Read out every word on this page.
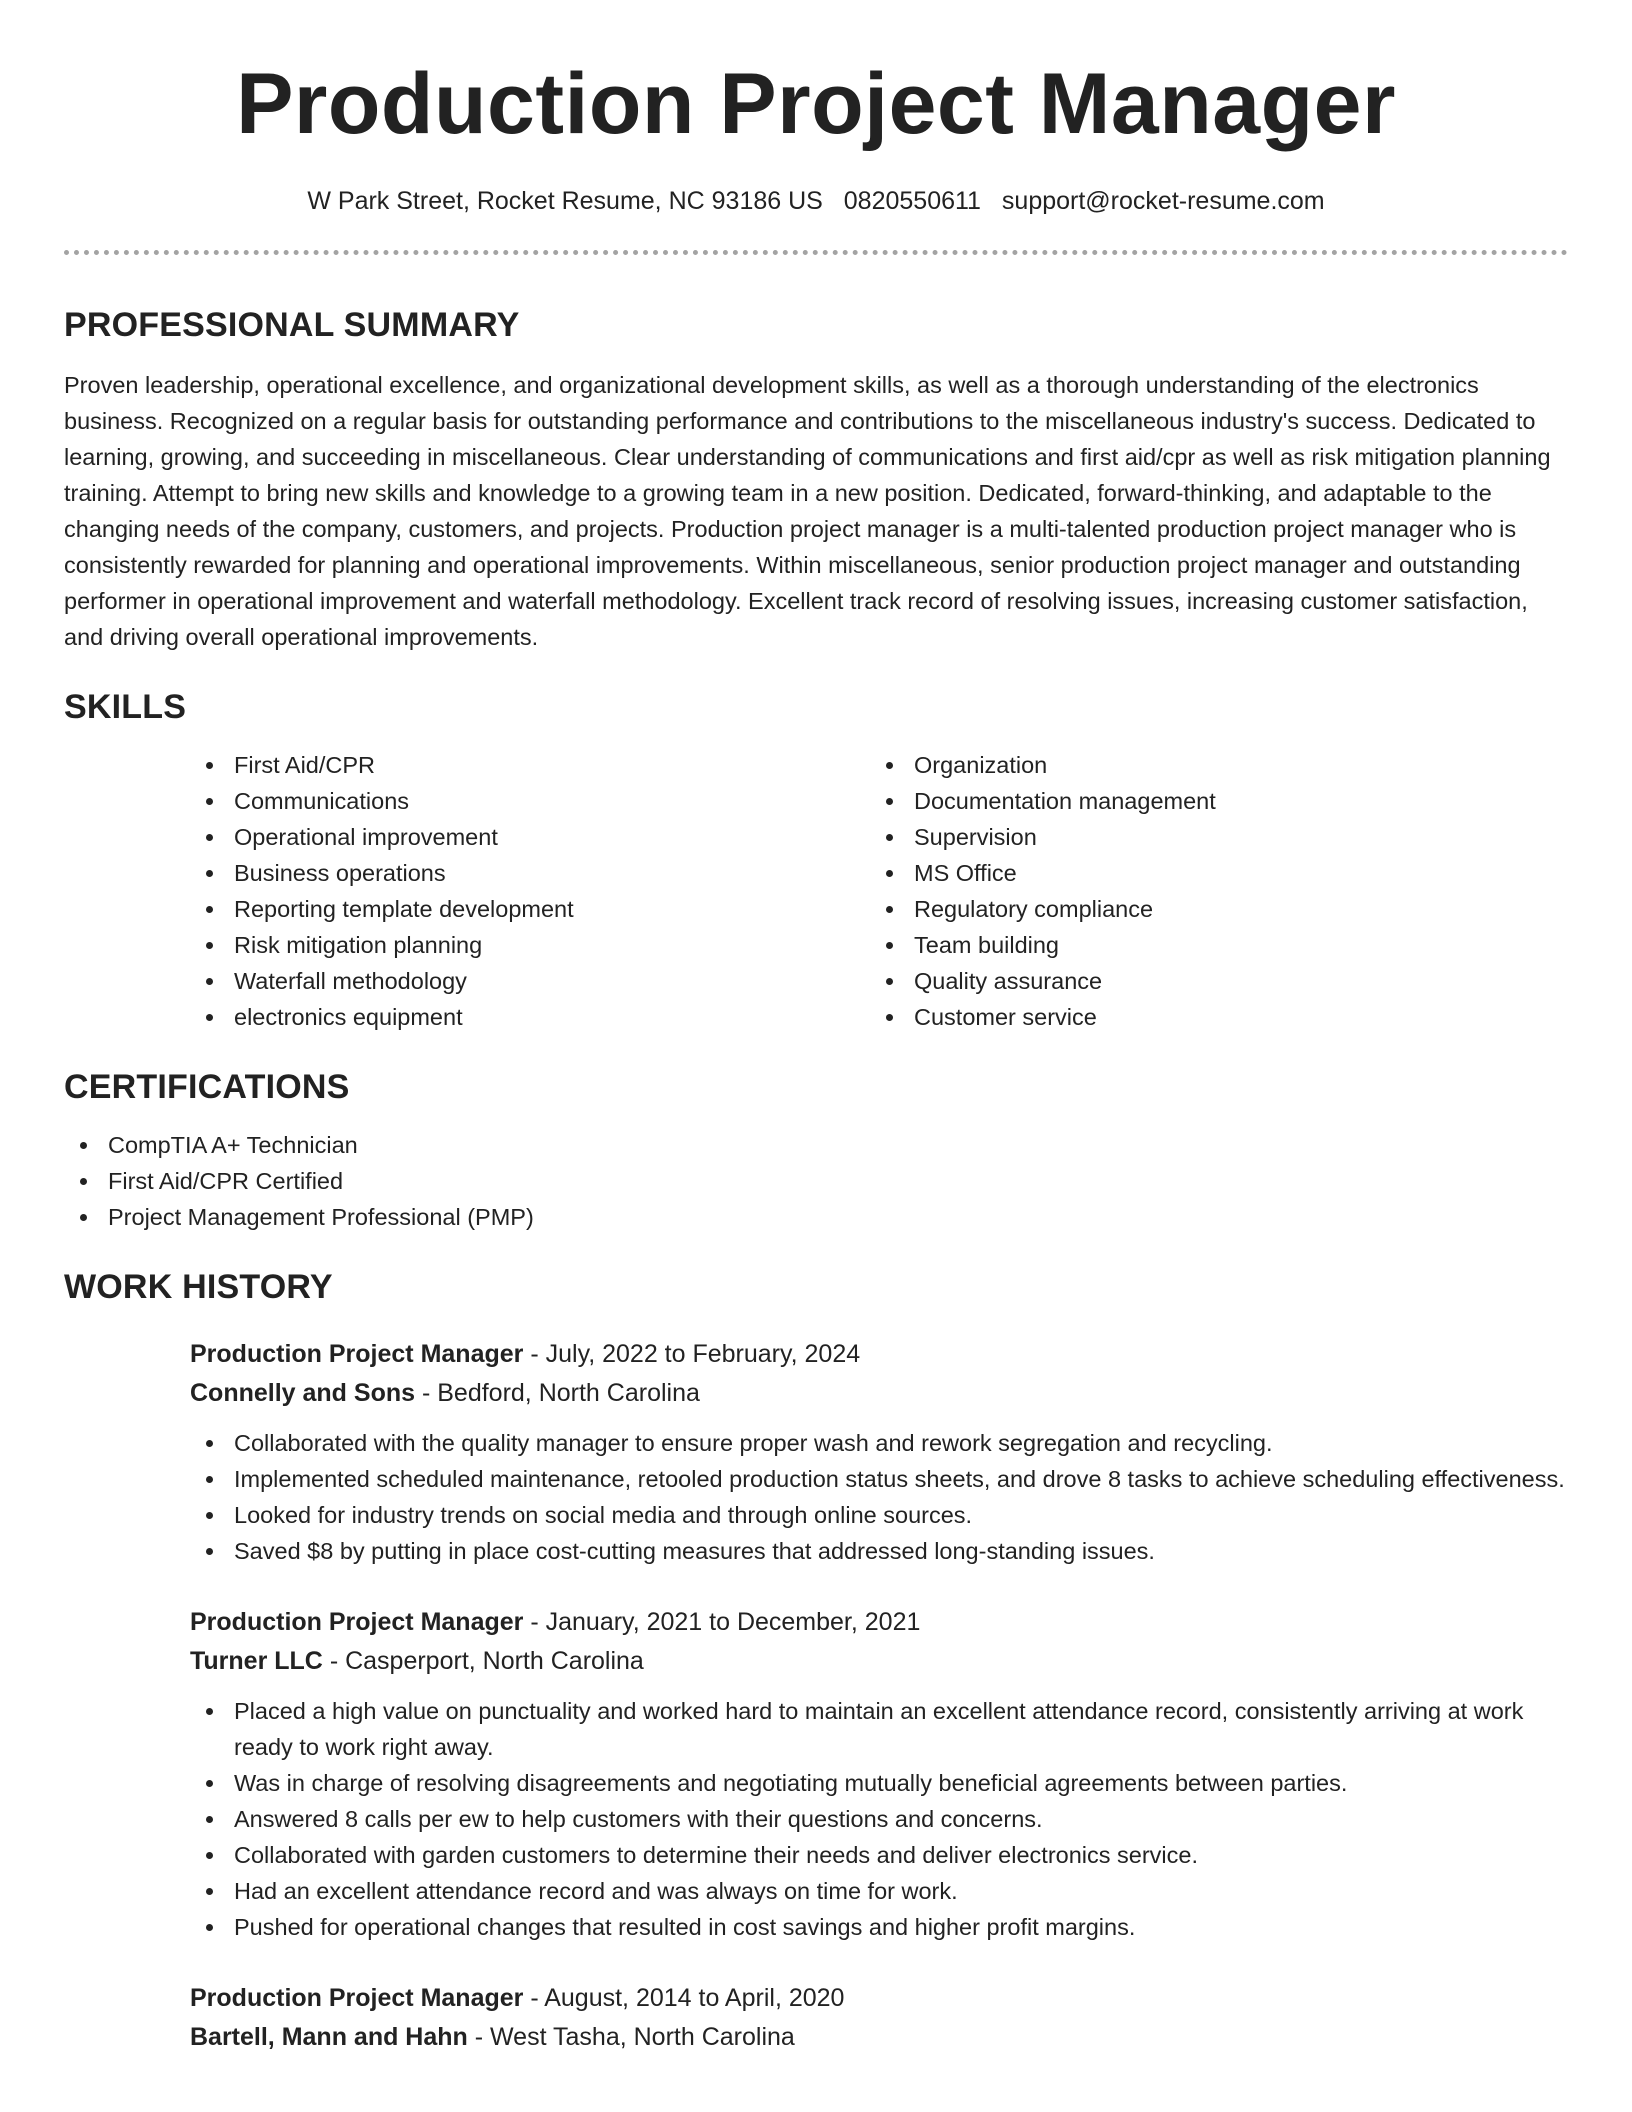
Production Project Manager
W Park Street, Rocket Resume, NC 93186 US 0820550611 support@rocket-resume.com
PROFESSIONAL SUMMARY

Proven leadership, operational excellence, and organizational development skills, as well as a thorough understanding of the electronics business. Recognized on a regular basis for outstanding performance and contributions to the miscellaneous industry's success. Dedicated to learning, growing, and succeeding in miscellaneous. Clear understanding of communications and first aid/cpr as well as risk mitigation planning training. Attempt to bring new skills and knowledge to a growing team in a new position. Dedicated, forward-thinking, and adaptable to the changing needs of the company, customers, and projects. Production project manager is a multi-talented production project manager who is consistently rewarded for planning and operational improvements. Within miscellaneous, senior production project manager and outstanding performer in operational improvement and waterfall methodology. Excellent track record of resolving issues, increasing customer satisfaction, and driving overall operational improvements.

SKILLS
First Aid/CPR
Communications
Operational improvement
Business operations
Reporting template development
Risk mitigation planning
Waterfall methodology
electronics equipment
Organization
Documentation management
Supervision
MS Office
Regulatory compliance
Team building
Quality assurance
Customer service
CERTIFICATIONS
CompTIA A+ Technician
First Aid/CPR Certified
Project Management Professional (PMP)
WORK HISTORY
Production Project Manager - July, 2022 to February, 2024
Connelly and Sons - Bedford, North Carolina
Collaborated with the quality manager to ensure proper wash and rework segregation and recycling.
Implemented scheduled maintenance, retooled production status sheets, and drove 8 tasks to achieve scheduling effectiveness.
Looked for industry trends on social media and through online sources.
Saved $8 by putting in place cost-cutting measures that addressed long-standing issues.
Production Project Manager - January, 2021 to December, 2021
Turner LLC - Casperport, North Carolina
Placed a high value on punctuality and worked hard to maintain an excellent attendance record, consistently arriving at work ready to work right away.
Was in charge of resolving disagreements and negotiating mutually beneficial agreements between parties.
Answered 8 calls per ew to help customers with their questions and concerns.
Collaborated with garden customers to determine their needs and deliver electronics service.
Had an excellent attendance record and was always on time for work.
Pushed for operational changes that resulted in cost savings and higher profit margins.
Production Project Manager - August, 2014 to April, 2020
Bartell, Mann and Hahn - West Tasha, North Carolina
